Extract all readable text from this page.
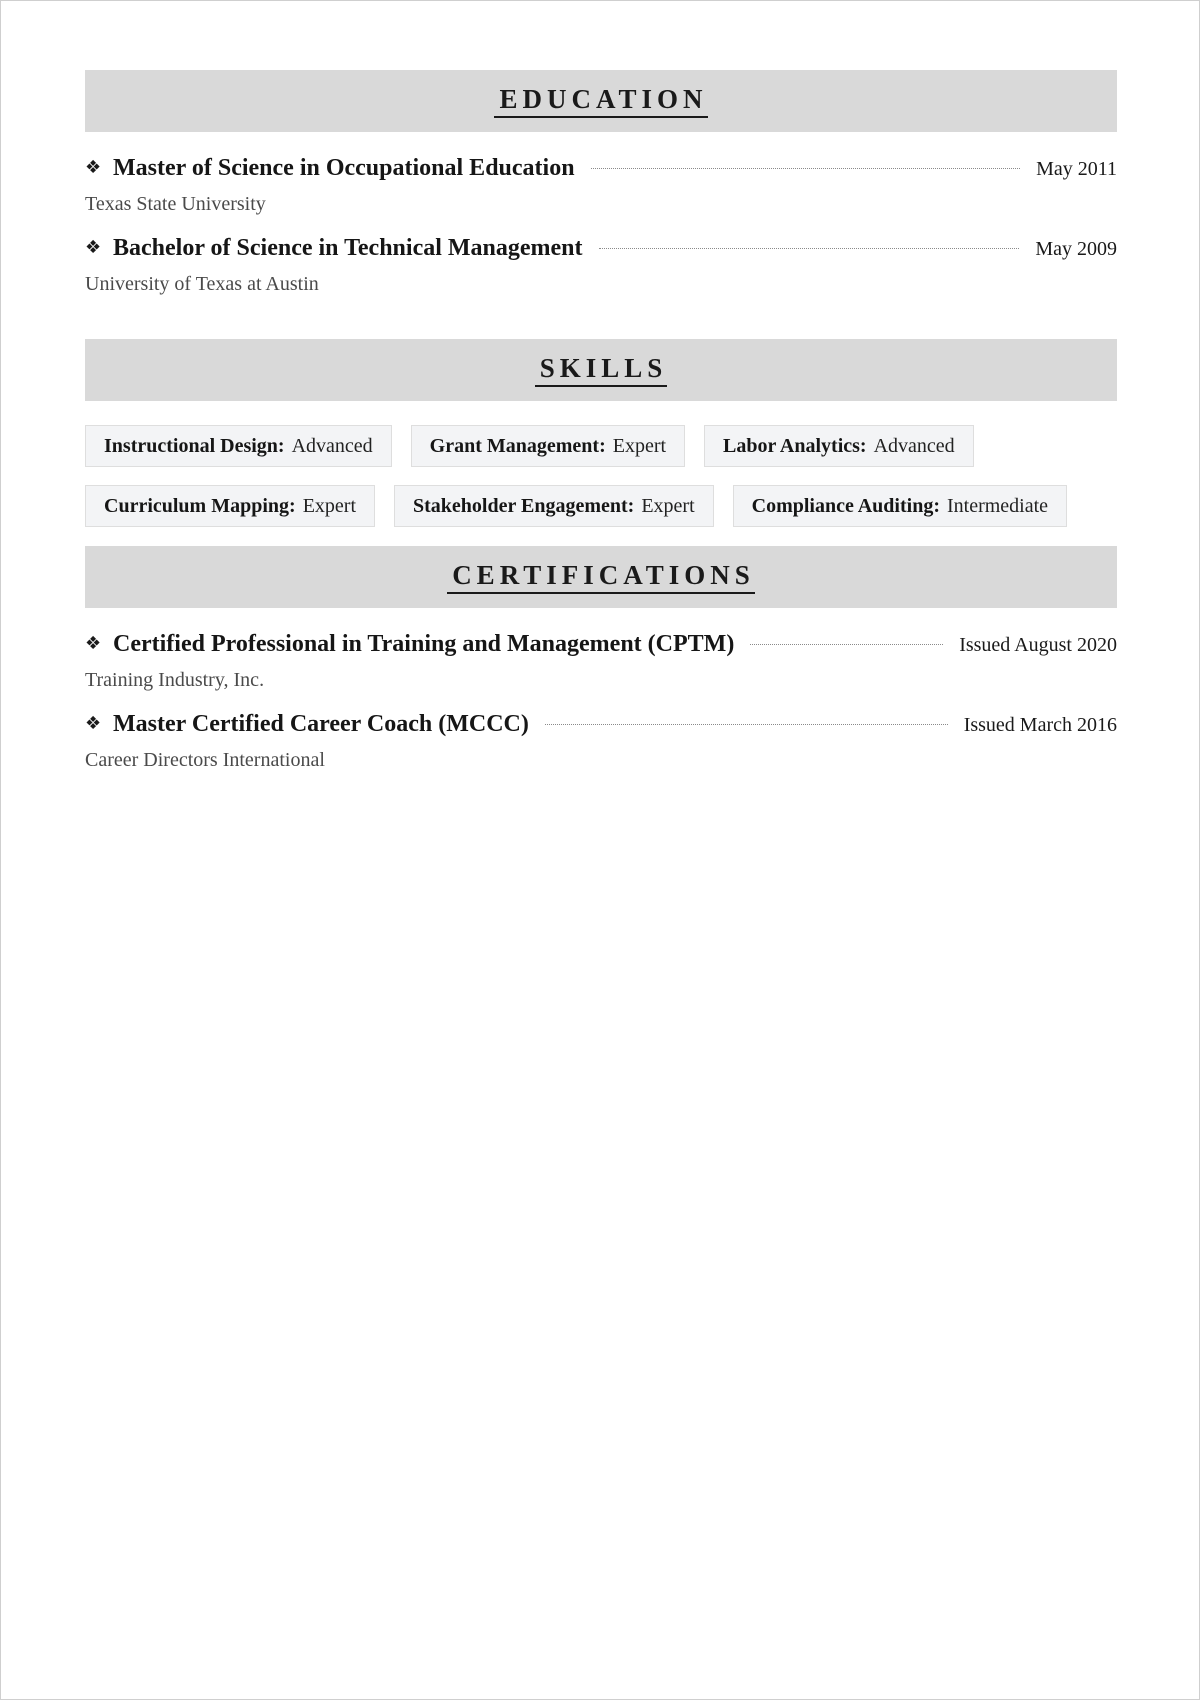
EDUCATION
❖ Master of Science in Occupational Education	May 2011
Texas State University
❖ Bachelor of Science in Technical Management	May 2009
University of Texas at Austin
SKILLS
Instructional Design: Advanced	Grant Management: Expert	Labor Analytics: Advanced
Curriculum Mapping: Expert	Stakeholder Engagement: Expert	Compliance Auditing: Intermediate
CERTIFICATIONS
❖ Certified Professional in Training and Management (CPTM)	Issued August 2020
Training Industry, Inc.
❖ Master Certified Career Coach (MCCC)	Issued March 2016
Career Directors International
